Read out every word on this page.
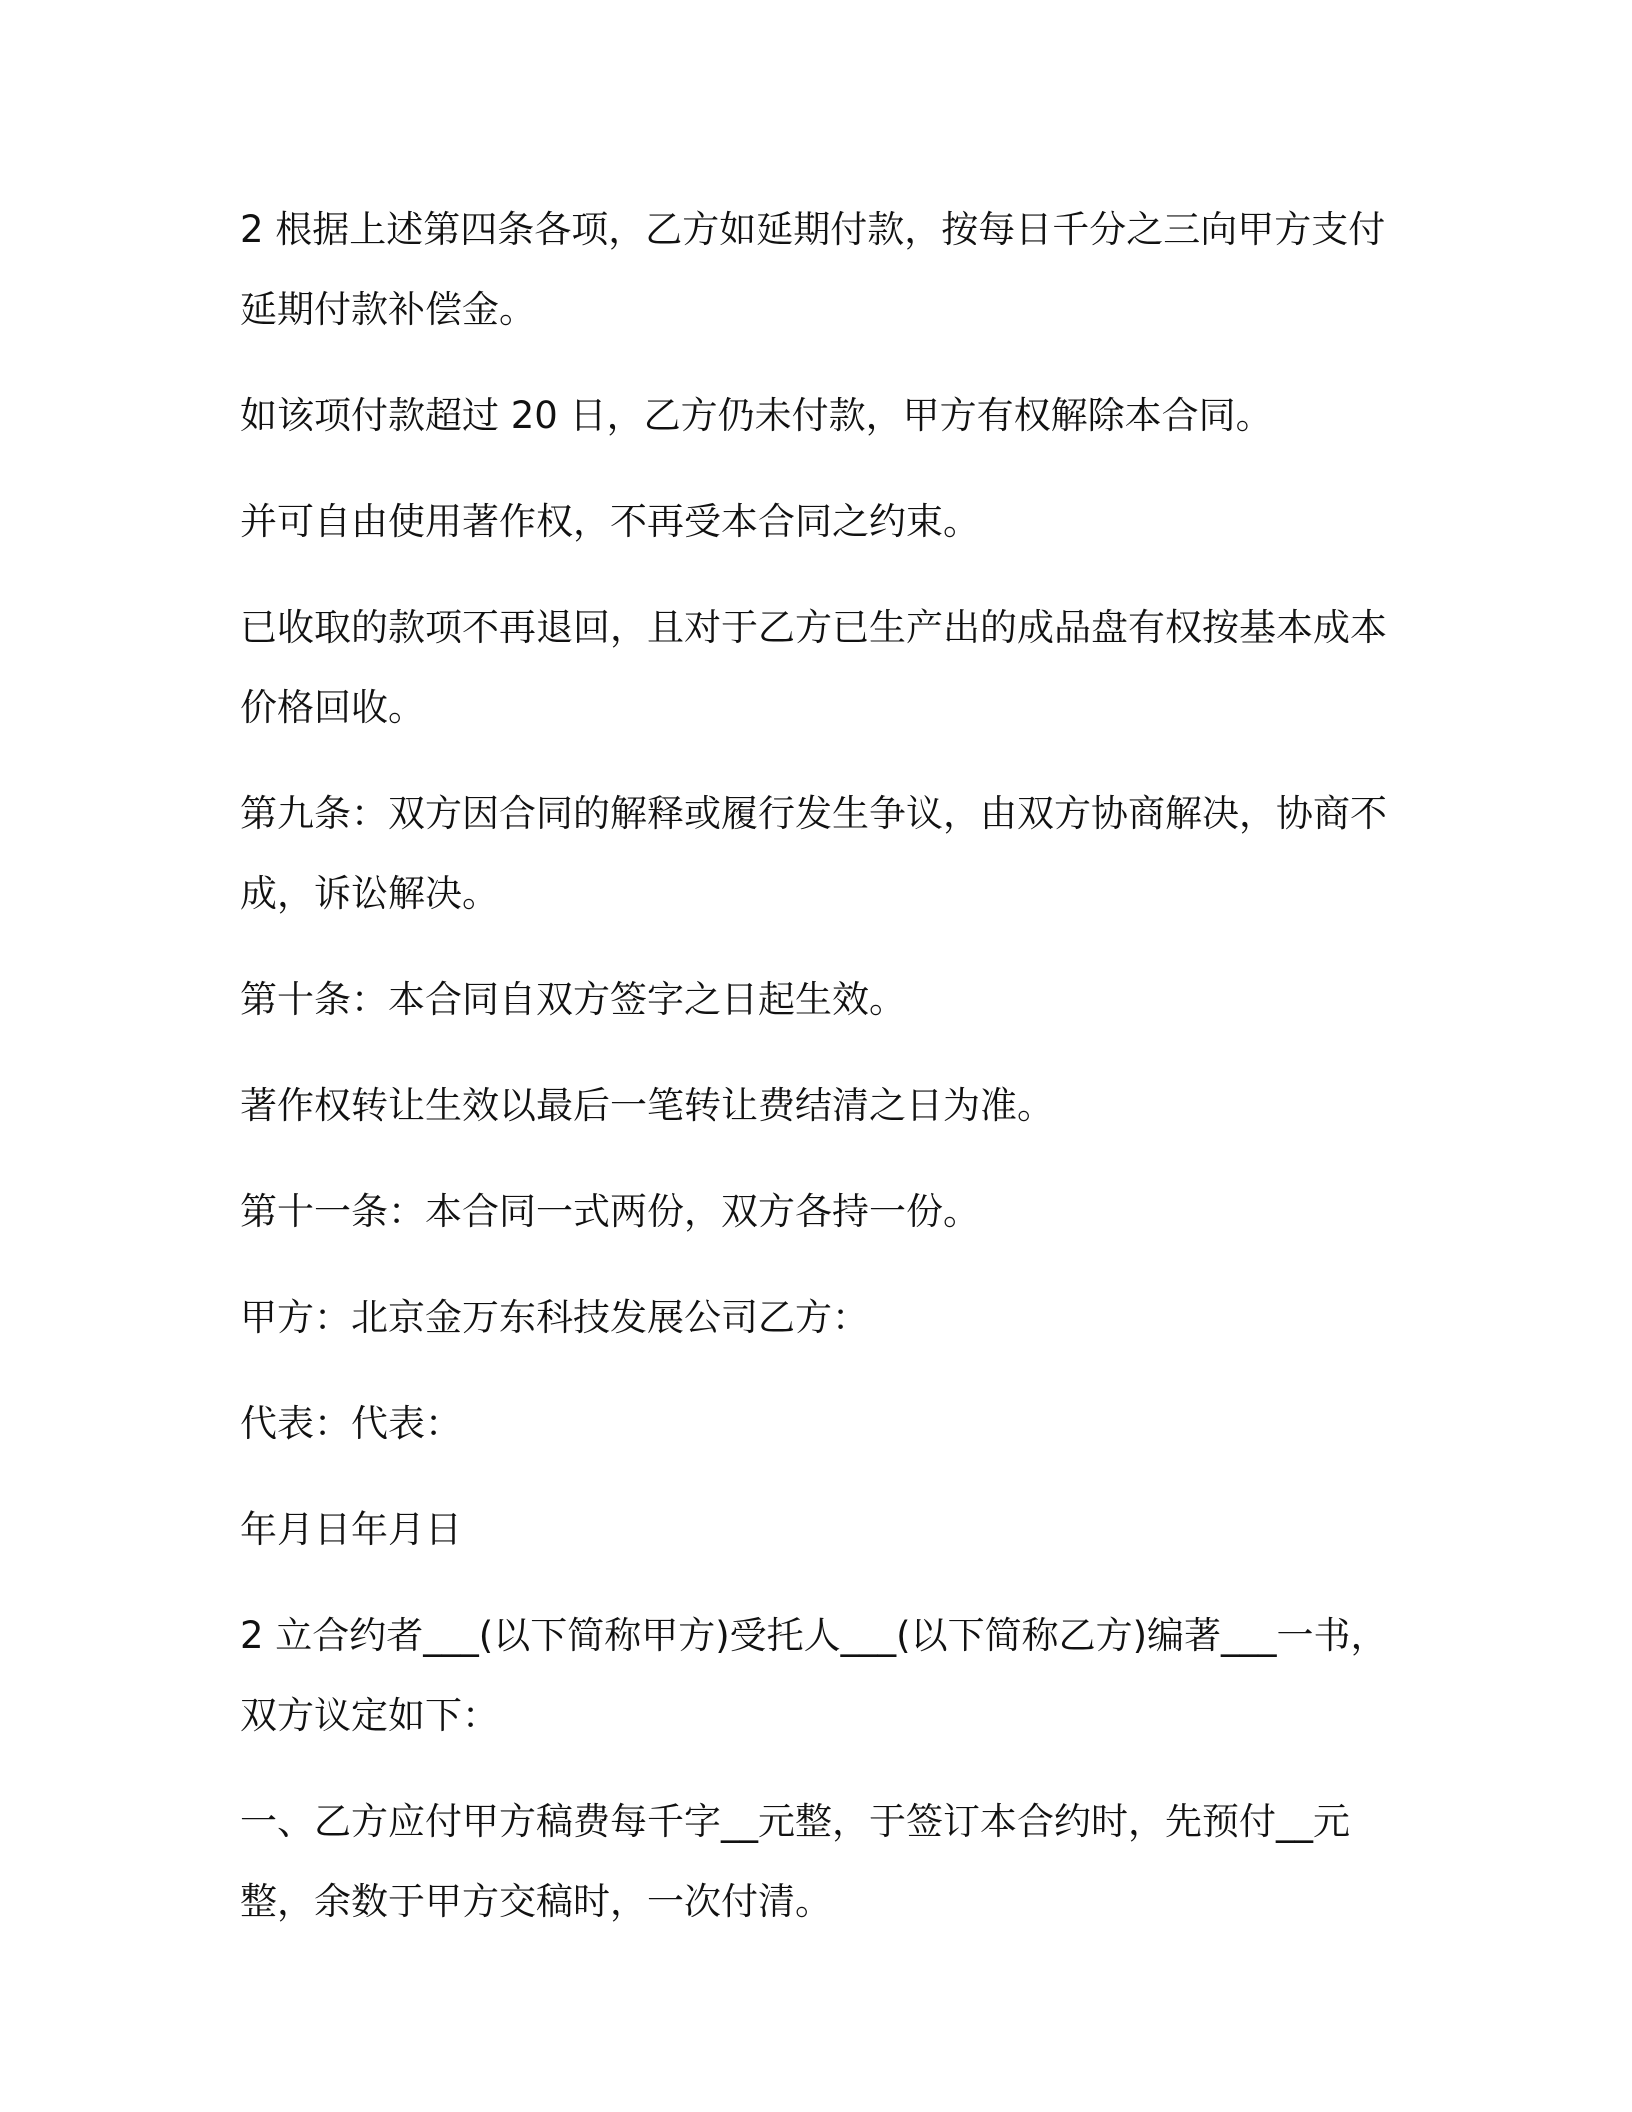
2 根据上述第四条各项，乙方如延期付款，按每日千分之三向甲方支付延期付款补偿金。

如该项付款超过 20 日，乙方仍未付款，甲方有权解除本合同。

并可自由使用著作权，不再受本合同之约束。

已收取的款项不再退回，且对于乙方已生产出的成品盘有权按基本成本价格回收。

第九条：双方因合同的解释或履行发生争议，由双方协商解决，协商不成，诉讼解决。

第十条：本合同自双方签字之日起生效。

著作权转让生效以最后一笔转让费结清之日为准。

第十一条：本合同一式两份，双方各持一份。

甲方：北京金万东科技发展公司乙方：

代表：代表：

年月日年月日

2 立合约者___(以下简称甲方)受托人___(以下简称乙方)编著___一书，双方议定如下：

一、乙方应付甲方稿费每千字__元整，于签订本合约时，先预付__元整，余数于甲方交稿时，一次付清。
